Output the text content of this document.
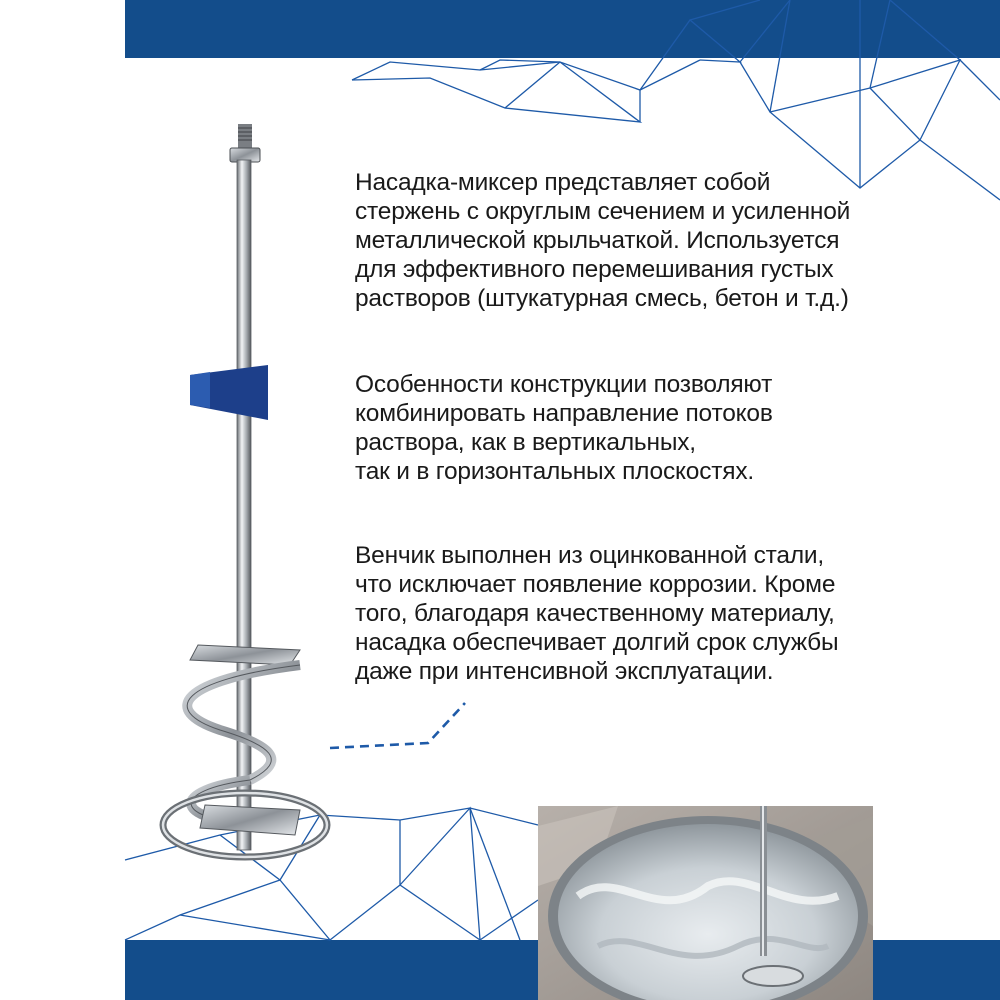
Насадка-миксер представляет собой
стержень с округлым сечением и усиленной
металлической крыльчаткой. Используется
для эффективного перемешивания густых
растворов (штукатурная смесь, бетон и т.д.)
Особенности конструкции позволяют
комбинировать направление потоков
раствора, как в вертикальных,
так и в горизонтальных плоскостях.
Венчик выполнен из оцинкованной стали,
что исключает появление коррозии. Кроме
того, благодаря качественному материалу,
насадка обеспечивает долгий срок службы
даже при интенсивной эксплуатации.
